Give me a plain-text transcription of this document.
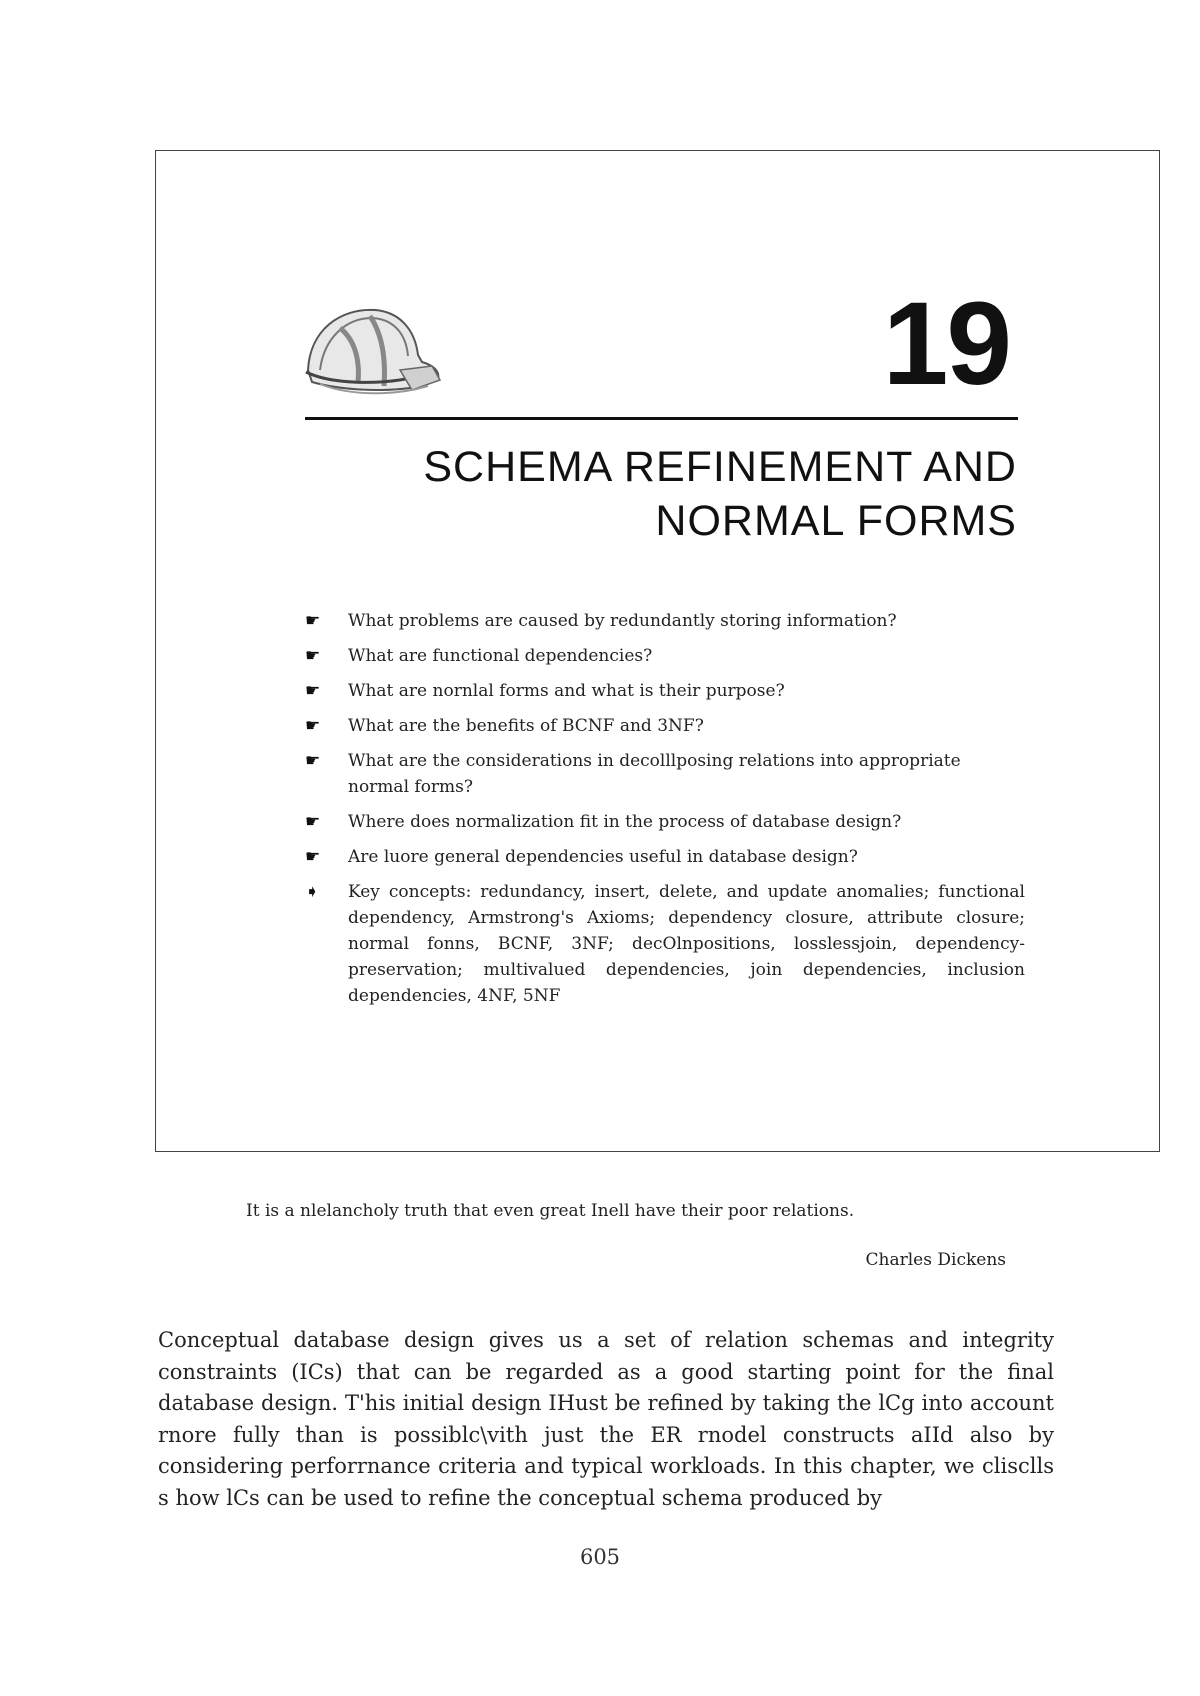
19
SCHEMA REFINEMENT AND
NORMAL FORMS
☛ What problems are caused by redundantly storing information?
☛ What are functional dependencies?
☛ What are nornlal forms and what is their purpose?
☛ What are the benefits of BCNF and 3NF?
☛ What are the considerations in decolllposing relations into appropriate normal forms?
☛ Where does normalization fit in the process of database design?
☛ Are luore general dependencies useful in database design?
➧ Key concepts: redundancy, insert, delete, and update anomalies; functional dependency, Armstrong's Axioms; dependency closure, attribute closure; normal fonns, BCNF, 3NF; decOlnpositions, losslessjoin, dependency-preservation; multivalued dependencies, join dependencies, inclusion dependencies, 4NF, 5NF
It is a nlelancholy truth that even great Inell have their poor relations.
Charles Dickens

Conceptual database design gives us a set of relation schemas and integrity constraints (ICs) that can be regarded as a good starting point for the final database design. T'his initial design IHust be refined by taking the lCg into account rnore fully than is possiblc\vith just the ER rnodel constructs aIId also by considering perforrnance criteria and typical workloads. In this chapter, we clisclls s how lCs can be used to refine the conceptual schema produced by

605
